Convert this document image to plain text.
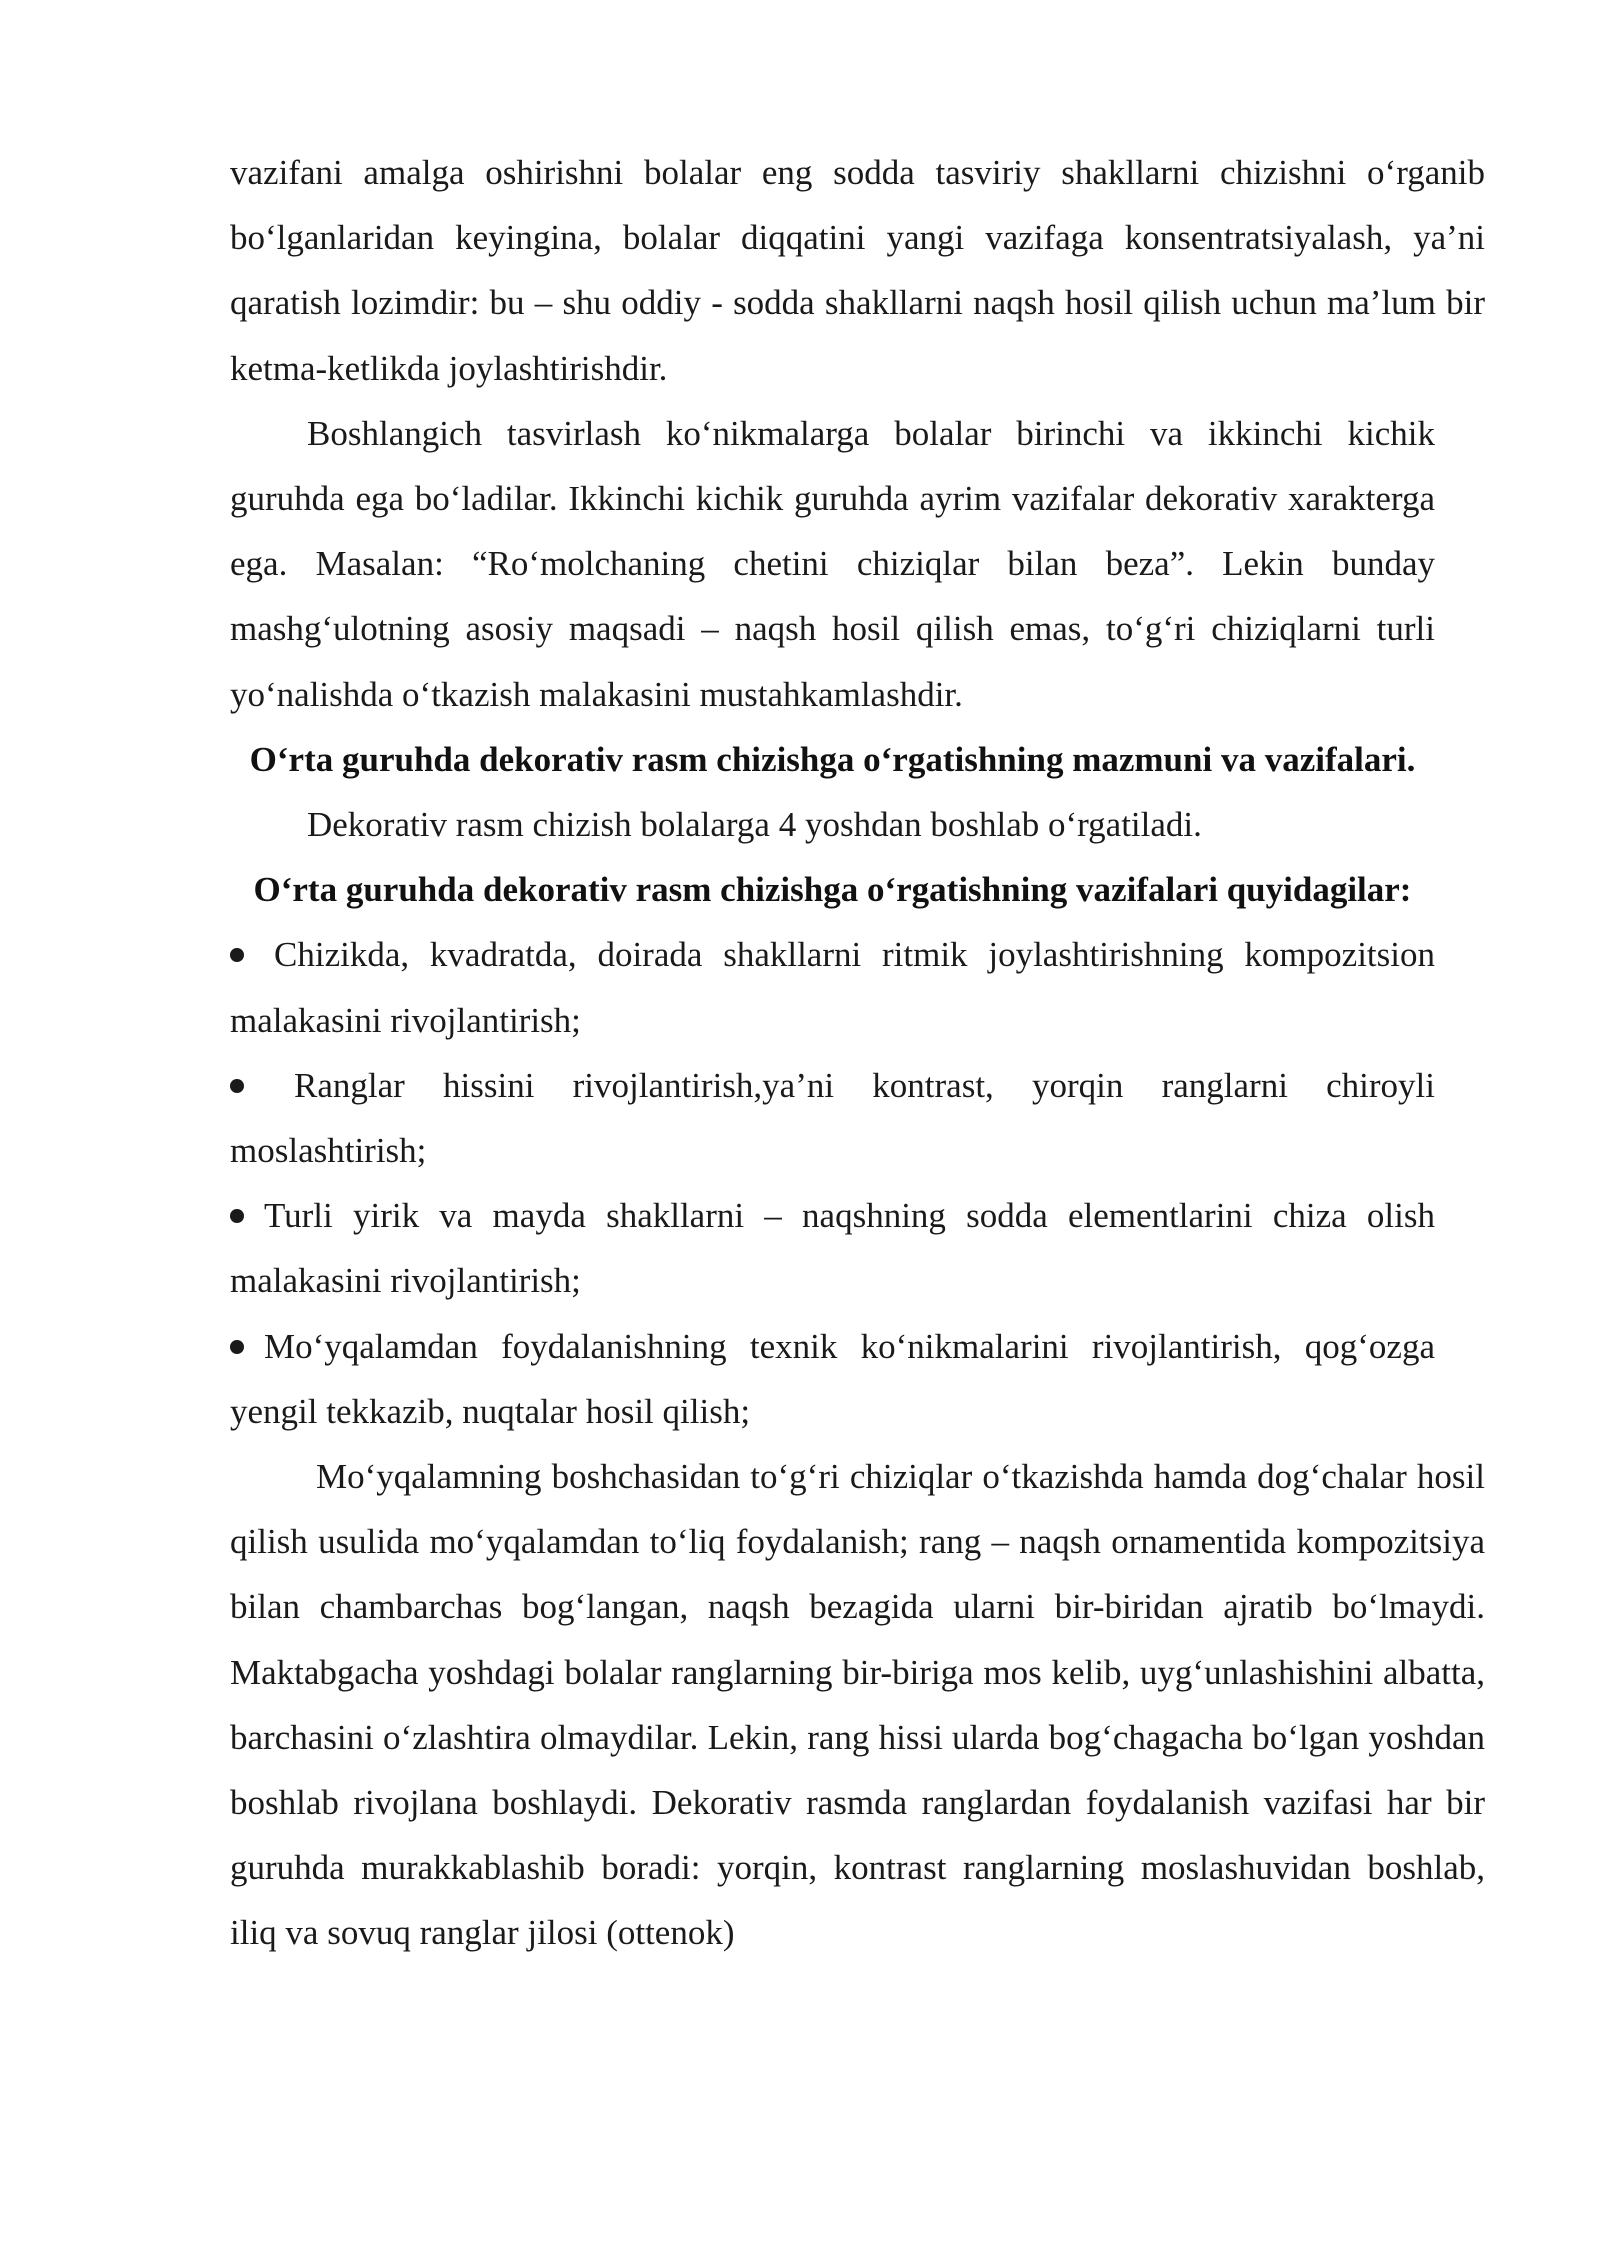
vazifani amalga oshirishni bolalar eng sodda tasviriy shakllarni chizishni o‘rganib bo‘lganlaridan keyingina, bolalar diqqatini yangi vazifaga konsentratsiyalash, ya’ni qaratish lozimdir: bu – shu oddiy - sodda shakllarni naqsh hosil qilish uchun ma’lum bir ketma-ketlikda joylashtirishdir.

Boshlangich tasvirlash ko‘nikmalarga bolalar birinchi va ikkinchi kichik guruhda ega bo‘ladilar. Ikkinchi kichik guruhda ayrim vazifalar dekorativ xarakterga ega. Masalan: “Ro‘molchaning chetini chiziqlar bilan beza”. Lekin bunday mashg‘ulotning asosiy maqsadi – naqsh hosil qilish emas, to‘g‘ri chiziqlarni turli yo‘nalishda o‘tkazish malakasini mustahkamlashdir.

O‘rta guruhda dekorativ rasm chizishga o‘rgatishning mazmuni va vazifalari.

Dekorativ rasm chizish bolalarga 4 yoshdan boshlab o‘rgatiladi.

O‘rta guruhda dekorativ rasm chizishga o‘rgatishning vazifalari quyidagilar:

Chizikda, kvadratda, doirada shakllarni ritmik joylashtirishning kompozitsion malakasini rivojlantirish;

Ranglar hissini rivojlantirish,ya’ni kontrast, yorqin ranglarni chiroyli moslashtirish;

Turli yirik va mayda shakllarni – naqshning sodda elementlarini chiza olish malakasini rivojlantirish;

Mo‘yqalamdan foydalanishning texnik ko‘nikmalarini rivojlantirish, qog‘ozga yengil tekkazib, nuqtalar hosil qilish;

Mo‘yqalamning boshchasidan to‘g‘ri chiziqlar o‘tkazishda hamda dog‘chalar hosil qilish usulida mo‘yqalamdan to‘liq foydalanish; rang – naqsh ornamentida kompozitsiya bilan chambarchas bog‘langan, naqsh bezagida ularni bir-biridan ajratib bo‘lmaydi. Maktabgacha yoshdagi bolalar ranglarning bir-biriga mos kelib, uyg‘unlashishini albatta, barchasini o‘zlashtira olmaydilar. Lekin, rang hissi ularda bog‘chagacha bo‘lgan yoshdan boshlab rivojlana boshlaydi. Dekorativ rasmda ranglardan foydalanish vazifasi har bir guruhda murakkablashib boradi: yorqin, kontrast ranglarning moslashuvidan boshlab, iliq va sovuq ranglar jilosi (ottenok)
